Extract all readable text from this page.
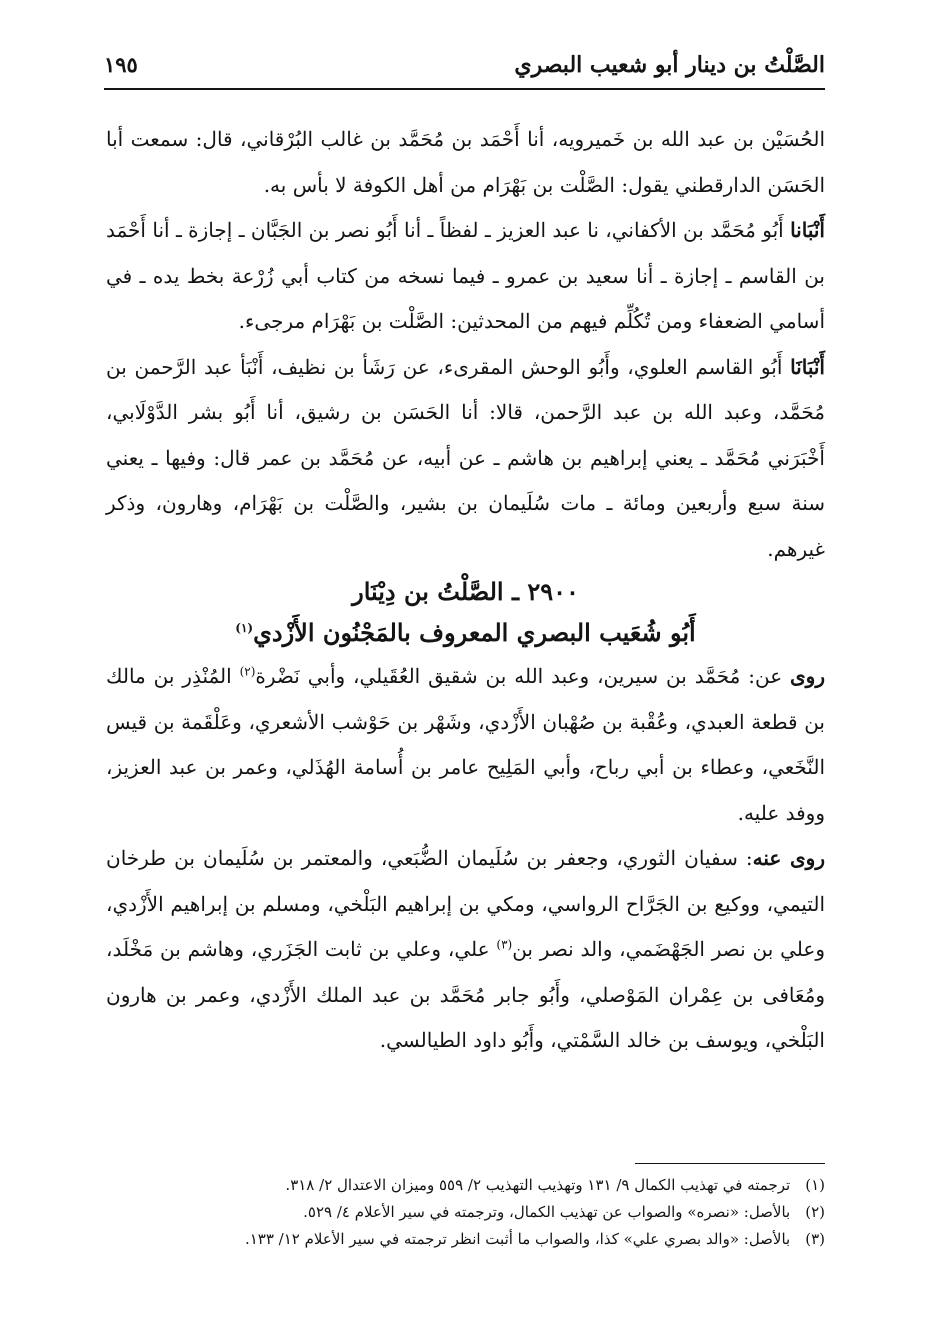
الصَّلْتُ بن دينار أبو شعيب البصري
١٩٥

الحُسَيْن بن عبد الله بن خَميرويه، أنا أَحْمَد بن مُحَمَّد بن غالب البُرْقاني، قال: سمعت أبا الحَسَن الدارقطني يقول: الصَّلْت بن بَهْرَام من أهل الكوفة لا بأس به.

أَنْبَانا أَبُو مُحَمَّد بن الأكفاني، نا عبد العزيز ـ لفظاً ـ أنا أَبُو نصر بن الجَبَّان ـ إجازة ـ أنا أَحْمَد بن القاسم ـ إجازة ـ أنا سعيد بن عمرو ـ فيما نسخه من كتاب أبي زُرْعة بخط يده ـ في أسامي الضعفاء ومن تُكُلِّم فيهم من المحدثين: الصَّلْت بن بَهْرَام مرجىء.

أَنْبَانَا أَبُو القاسم العلوي، وأَبُو الوحش المقرىء، عن رَشَأ بن نظيف، أَنْبَأ عبد الرَّحمن بن مُحَمَّد، وعبد الله بن عبد الرَّحمن، قالا: أنا الحَسَن بن رشيق، أنا أَبُو بشر الدَّوْلَابي، أَخْبَرَني مُحَمَّد ـ يعني إبراهيم بن هاشم ـ عن أبيه، عن مُحَمَّد بن عمر قال: وفيها ـ يعني سنة سبع وأربعين ومائة ـ مات سُلَيمان بن بشير، والصَّلْت بن بَهْرَام، وهارون، وذكر غيرهم.

٢٩٠٠ ـ الصَّلْتُ بن دِيْنَار
أَبُو شُعَيب البصري المعروف بالمَجْنُون الأَزْدي$^{(١)}$

روى عن: مُحَمَّد بن سيرين، وعبد الله بن شقيق العُقَيلي، وأبي نَضْرة$^{(٢)}$ المُنْذِر بن مالك بن قطعة العبدي، وعُقْبة بن صُهْبان الأَزْدي، وشَهْر بن حَوْشب الأشعري، وعَلْقَمة بن قيس النَّخَعي، وعطاء بن أبي رباح، وأبي المَلِيح عامر بن أُسامة الهُذَلي، وعمر بن عبد العزيز، ووفد عليه.

روى عنه: سفيان الثوري، وجعفر بن سُلَيمان الضُّبَعي، والمعتمر بن سُلَيمان بن طرخان التيمي، ووكيع بن الجَرَّاح الرواسي، ومكي بن إبراهيم البَلْخي، ومسلم بن إبراهيم الأَزْدي، وعلي بن نصر الجَهْضَمي، والد نصر بن$^{(٣)}$ علي، وعلي بن ثابت الجَزَري، وهاشم بن مَخْلَد، ومُعَافى بن عِمْران المَوْصلي، وأَبُو جابر مُحَمَّد بن عبد الملك الأَزْدي، وعمر بن هارون البَلْخي، ويوسف بن خالد السَّمْتي، وأَبُو داود الطيالسي.

(١) ترجمته في تهذيب الكمال ٩/ ١٣١ وتهذيب التهذيب ٢/ ٥٥٩ وميزان الاعتدال ٢/ ٣١٨.

(٢) بالأصل: «نصره» والصواب عن تهذيب الكمال، وترجمته في سير الأعلام ٤/ ٥٢٩.

(٣) بالأصل: «والد بصري علي» كذا، والصواب ما أثبت انظر ترجمته في سير الأعلام ١٢/ ١٣٣.
